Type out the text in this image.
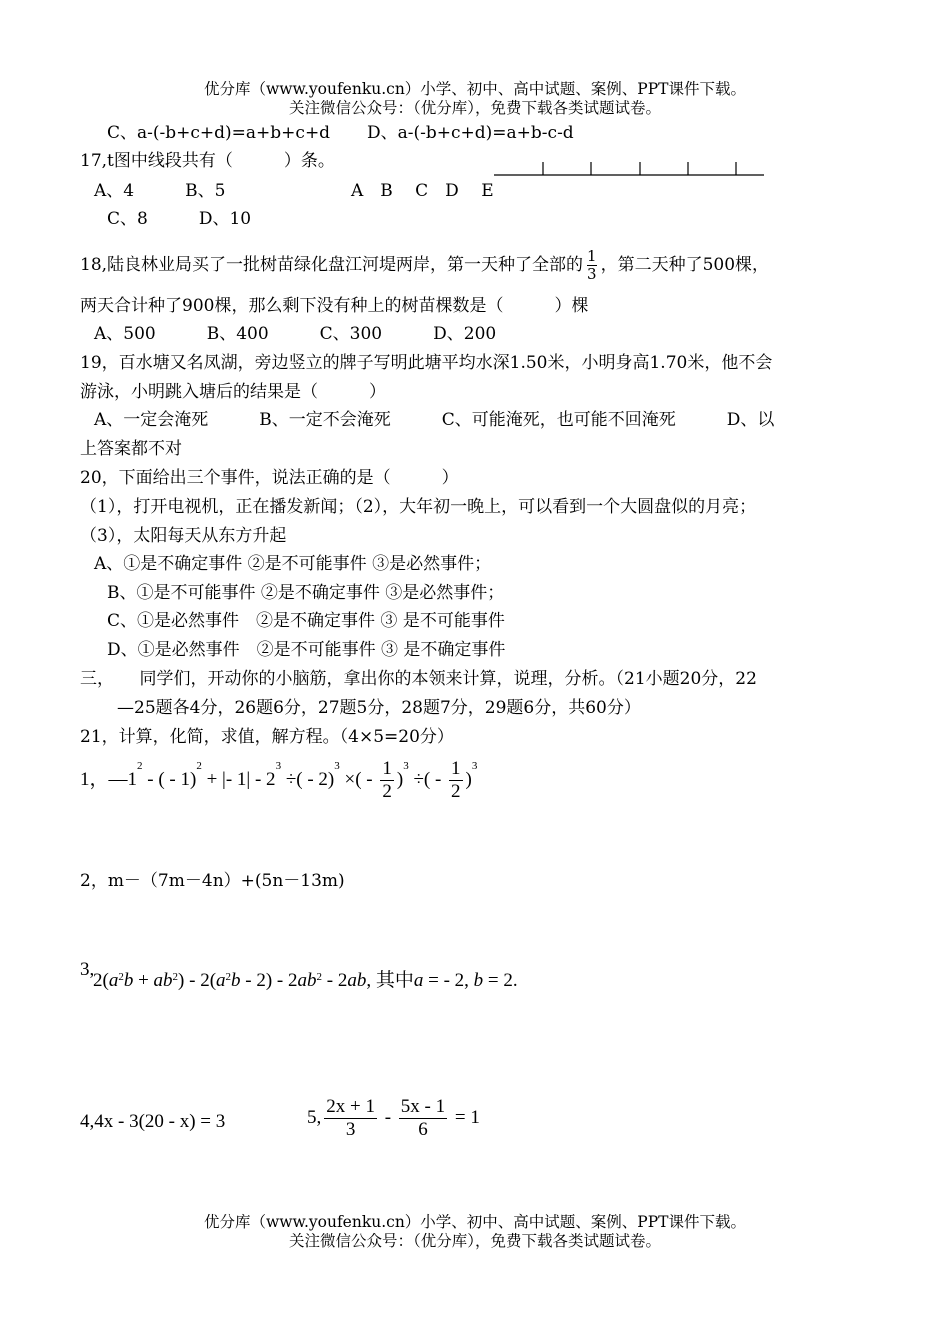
优分库（www.youfenku.cn）小学、初中、高中试题、案例、PPT课件下载。
关注微信公众号：（优分库），免费下载各类试题试卷。
C、a-(-b+c+d)=a+b+c+d D、a-(-b+c+d)=a+b-c-d
17,t图中线段共有（　　　）条。
A、4　　　B、5	A　B　 C　D　 E
C、8　　　D、10
18,陆良林业局买了一批树苗绿化盘江河堤两岸，第一天种了全部的 $\frac{1}{3}$ ，第二天种了500棵，
两天合计种了900棵，那么剩下没有种上的树苗棵数是（　　　）棵
A、500　　　B、400　　　C、300　　　D、200
19，百水塘又名凤湖，旁边竖立的牌子写明此塘平均水深1.50米，小明身高1.70米，他不会
游泳，小明跳入塘后的结果是（　　　）
A、一定会淹死　　　B、一定不会淹死　　　C、可能淹死，也可能不回淹死　　　D、以
上答案都不对
20，下面给出三个事件，说法正确的是（　　　）
（1），打开电视机，正在播发新闻；（2），大年初一晚上，可以看到一个大圆盘似的月亮；
（3），太阳每天从东方升起
A、①是不确定事件 ②是不可能事件 ③是必然事件；
B、①是不可能事件 ②是不确定事件 ③是必然事件；
C、①是必然事件　②是不确定事件 ③ 是不可能事件
D、①是必然事件　②是不可能事件 ③ 是不确定事件
三，　　同学们，开动你的小脑筋，拿出你的本领来计算，说理，分析。（21小题20分，22
—25题各4分，26题6分，27题5分，28题7分，29题6分，共60分）
21，计算，化简，求值，解方程。（4×5=20分）
1，$—1^2$ - ( - 1)$^2$ + |- $1| - 2^3$ ÷( - 2)$^3$ ×( - $\frac{1}{2} )^3$ ÷( - $\frac{1}{2} )^3$
2，m－（7m－4n）+(5n－13m)
3,
$2(a^2b + ab^2) - 2(a^2b - 2) - 2ab^2 - 2ab$, 其中a = - 2, b = 2.
4,4x - 3(20 - x) = 3	5, $\frac{2x + 1}{3} - \frac{5x - 1}{6} = 1$
优分库（www.youfenku.cn）小学、初中、高中试题、案例、PPT课件下载。
关注微信公众号：（优分库），免费下载各类试题试卷。
